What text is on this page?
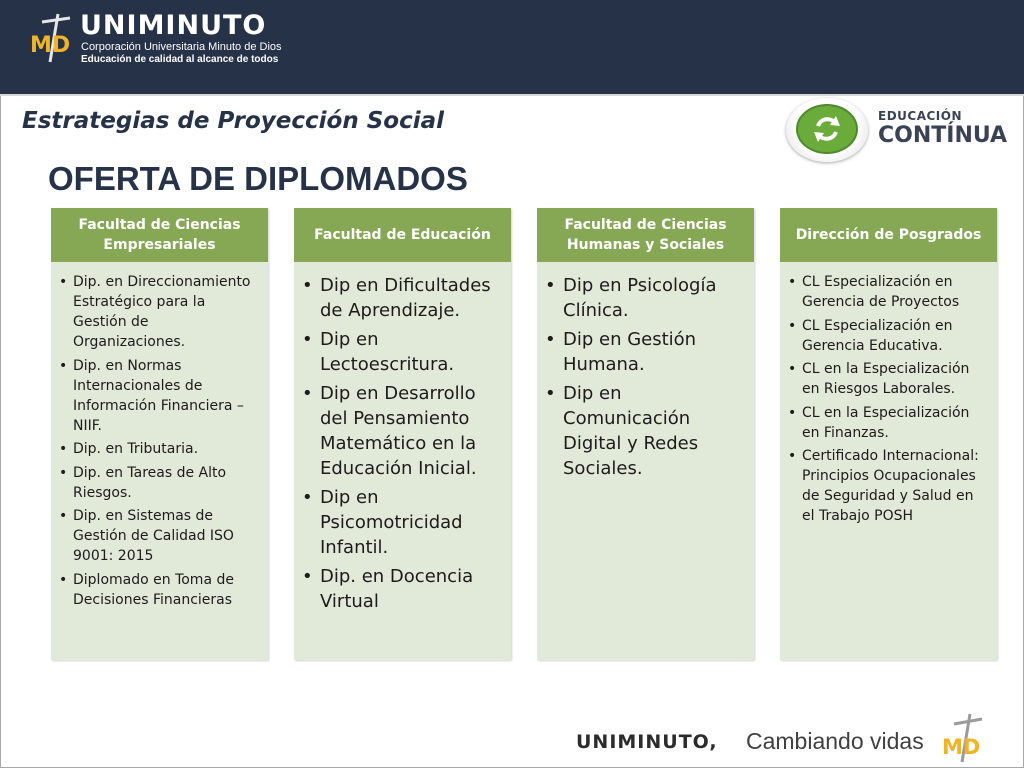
MD
UNIMINUTO
Corporación Universitaria Minuto de Dios
Educación de calidad al alcance de todos
Estrategias de Proyección Social
OFERTA DE DIPLOMADOS
EDUCACIÓN
CONTÍNUA
Facultad de Ciencias Empresariales
• Dip. en Direccionamiento Estratégico para la Gestión de Organizaciones.
• Dip. en Normas Internacionales de Información Financiera – NIIF.
• Dip. en Tributaria.
• Dip. en Tareas de Alto Riesgos.
• Dip. en Sistemas de Gestión de Calidad ISO 9001: 2015
• Diplomado en Toma de Decisiones Financieras
Facultad de Educación
• Dip en Dificultades de Aprendizaje.
• Dip en Lectoescritura.
• Dip en Desarrollo del Pensamiento Matemático en la Educación Inicial.
• Dip en Psicomotricidad Infantil.
• Dip. en Docencia Virtual
Facultad de Ciencias Humanas y Sociales
• Dip en Psicología Clínica.
• Dip en Gestión Humana.
• Dip en Comunicación Digital y Redes Sociales.
Dirección de Posgrados
• CL Especialización en Gerencia de Proyectos
• CL Especialización en Gerencia Educativa.
• CL en la Especialización en Riesgos Laborales.
• CL en la Especialización en Finanzas.
• Certificado Internacional: Principios Ocupacionales de Seguridad y Salud en el Trabajo POSH
UNIMINUTO, Cambiando vidas MD
